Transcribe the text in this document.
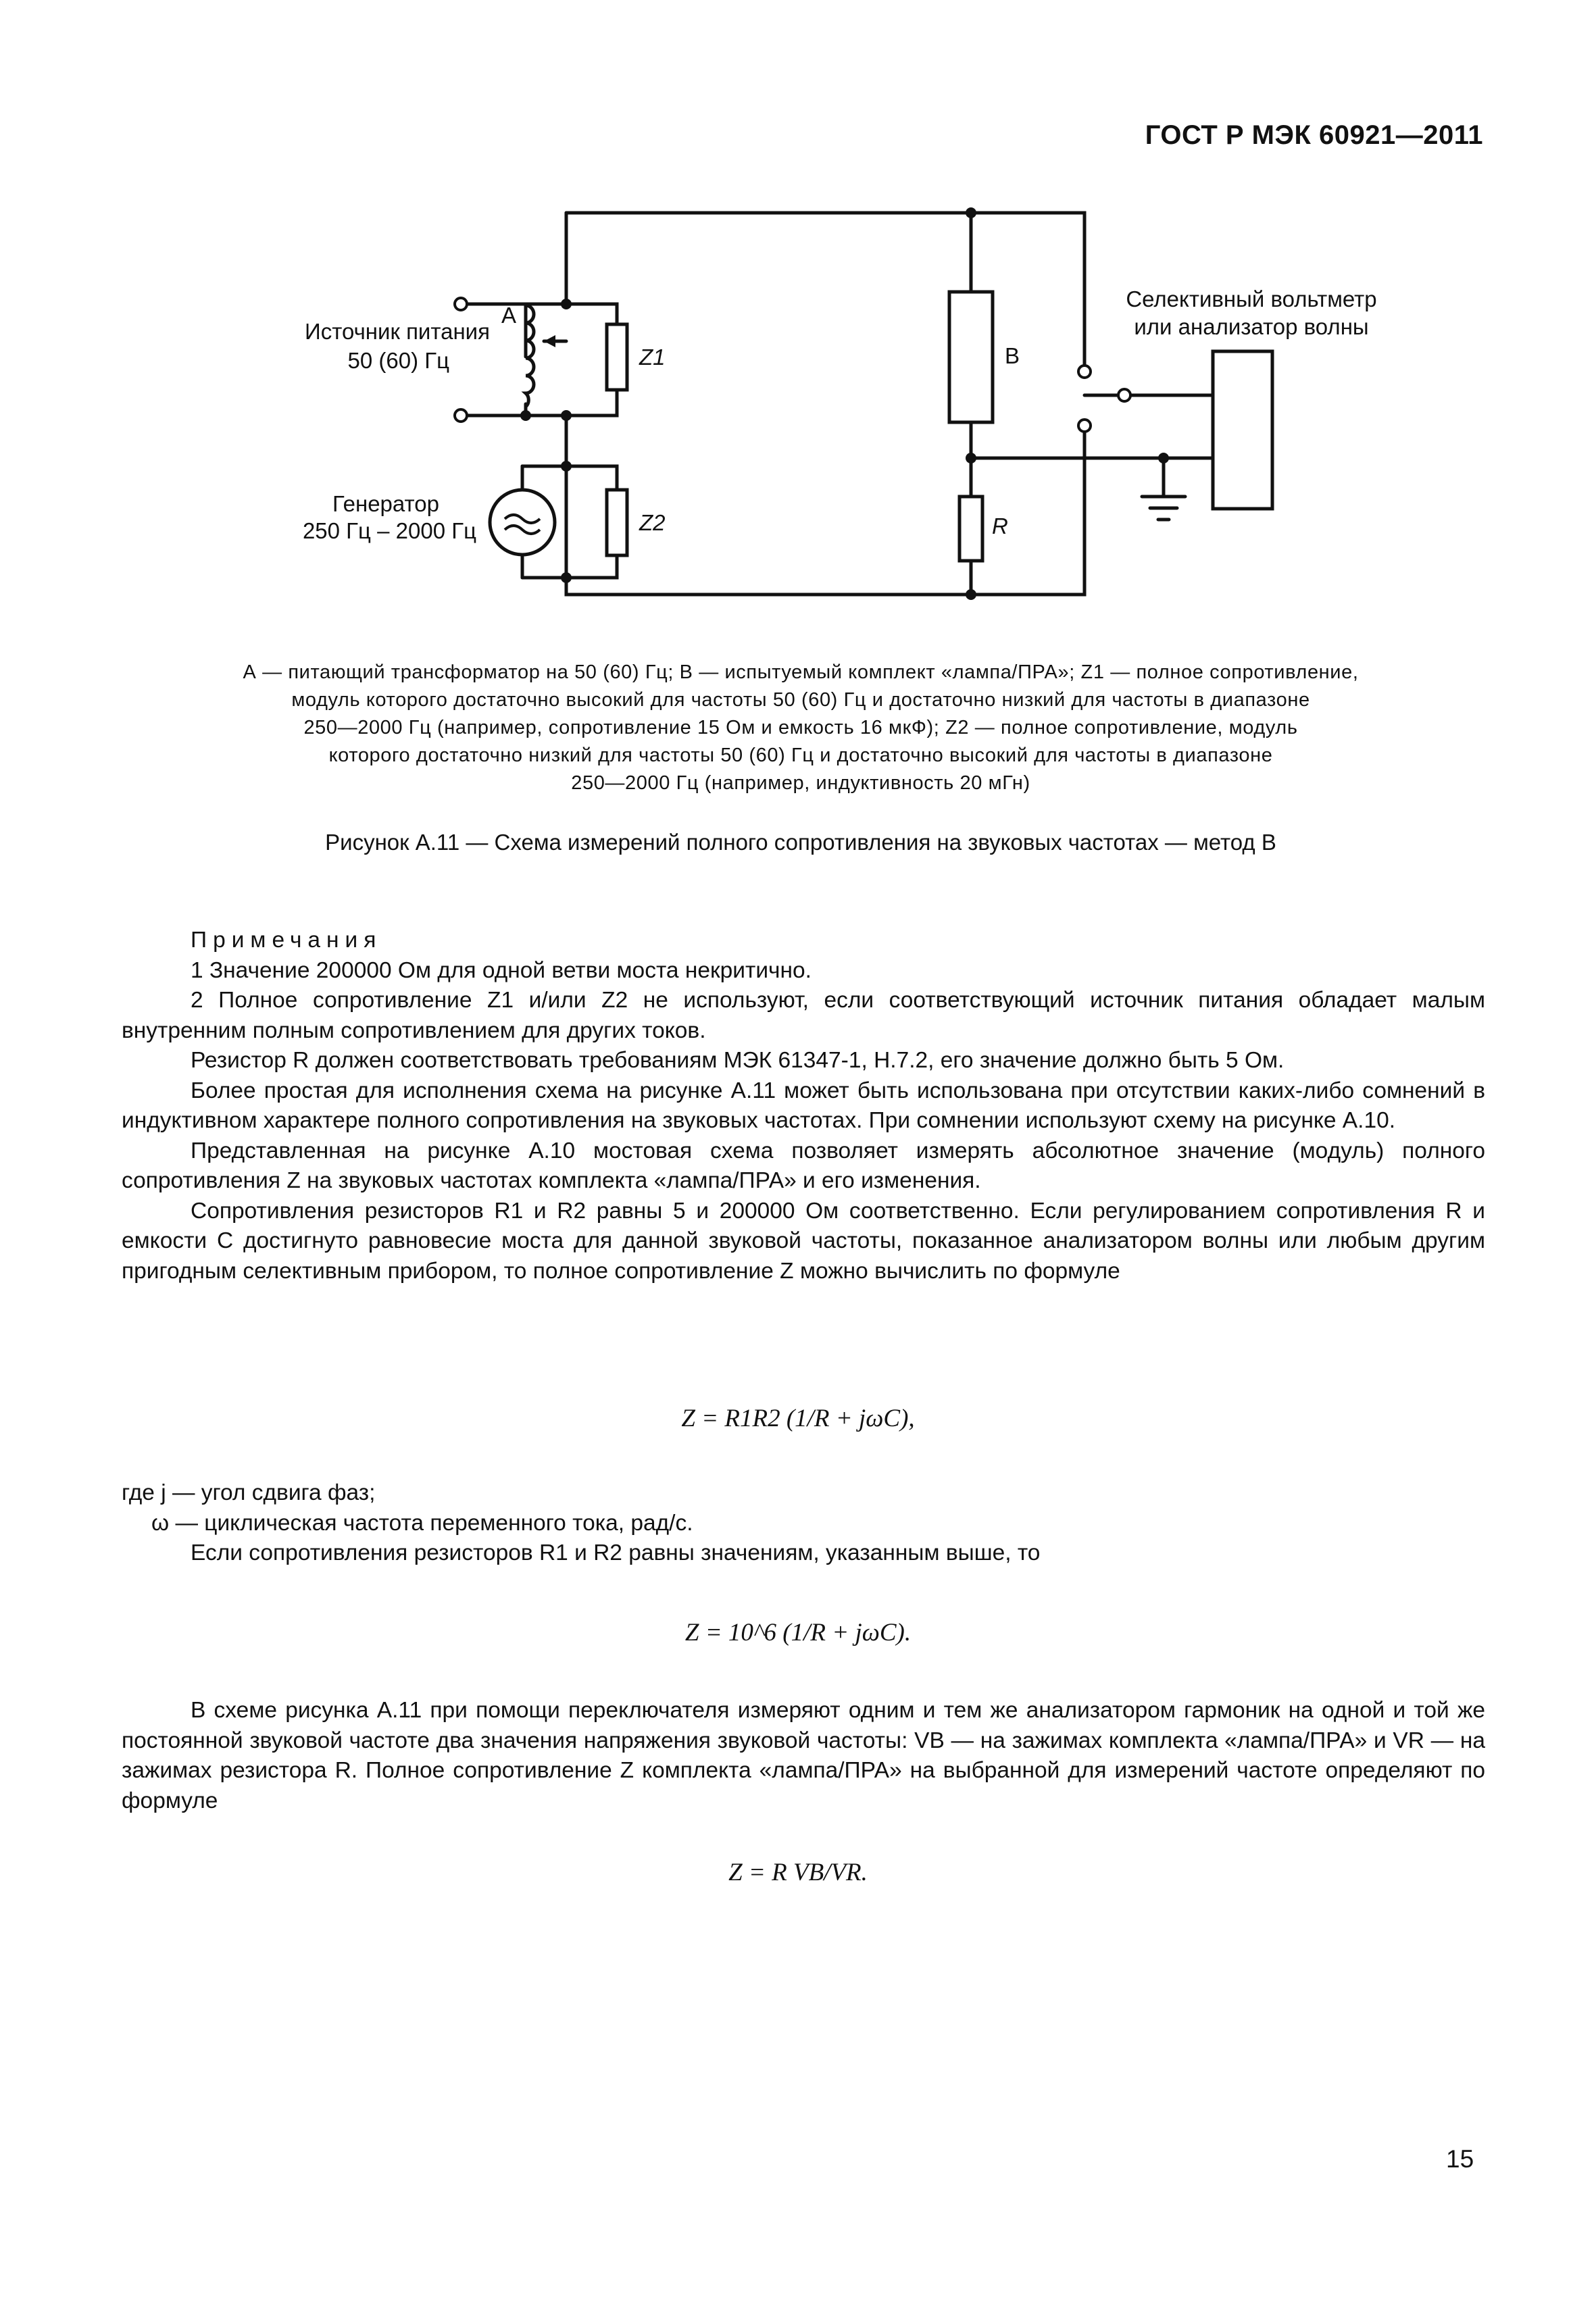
ГОСТ Р МЭК 60921—2011
Источник питания
50 (60) Гц
А
Генератор
250 Гц – 2000 Гц
В
R
Селективный вольтметр
или анализатор волны
Z1
Z2
А — питающий трансформатор на 50 (60) Гц; В — испытуемый комплект «лампа/ПРА»; Z1 — полное сопротивление,
модуль которого достаточно высокий для частоты 50 (60) Гц и достаточно низкий для частоты в диапазоне
250—2000 Гц (например, сопротивление 15 Ом и емкость 16 мкФ); Z2 — полное сопротивление, модуль
которого достаточно низкий для частоты 50 (60) Гц и достаточно высокий для частоты в диапазоне
250—2000 Гц (например, индуктивность 20 мГн)
Рисунок А.11 — Схема измерений полного сопротивления на звуковых частотах — метод В
Примечания

1 Значение 200000 Ом для одной ветви моста некритично.

2 Полное сопротивление Z1 и/или Z2 не используют, если соответствующий источник питания обладает малым внутренним полным сопротивлением для других токов.

Резистор R должен соответствовать требованиям МЭК 61347-1, Н.7.2, его значение должно быть 5 Ом.

Более простая для исполнения схема на рисунке А.11 может быть использована при отсутствии каких-либо сомнений в индуктивном характере полного сопротивления на звуковых частотах. При сомнении используют схему на рисунке А.10.

Представленная на рисунке А.10 мостовая схема позволяет измерять абсолютное значение (модуль) полного сопротивления Z на звуковых частотах комплекта «лампа/ПРА» и его изменения.

Сопротивления резисторов R1 и R2 равны 5 и 200000 Ом соответственно. Если регулированием сопротивления R и емкости C достигнуто равновесие моста для данной звуковой частоты, показанное анализатором волны или любым другим пригодным селективным прибором, то полное сопротивление Z можно вычислить по формуле

Z = R1R2 (1/R + jωC),
где j — угол сдвига фаз;
ω — циклическая частота переменного тока, рад/с.

Если сопротивления резисторов R1 и R2 равны значениям, указанным выше, то

Z = 10^6 (1/R + jωC).

В схеме рисунка А.11 при помощи переключателя измеряют одним и тем же анализатором гармоник на одной и той же постоянной звуковой частоте два значения напряжения звуковой частоты: VB — на зажимах комплекта «лампа/ПРА» и VR — на зажимах резистора R. Полное сопротивление Z комплекта «лампа/ПРА» на выбранной для измерений частоте определяют по формуле

Z = R VB/VR.
15
